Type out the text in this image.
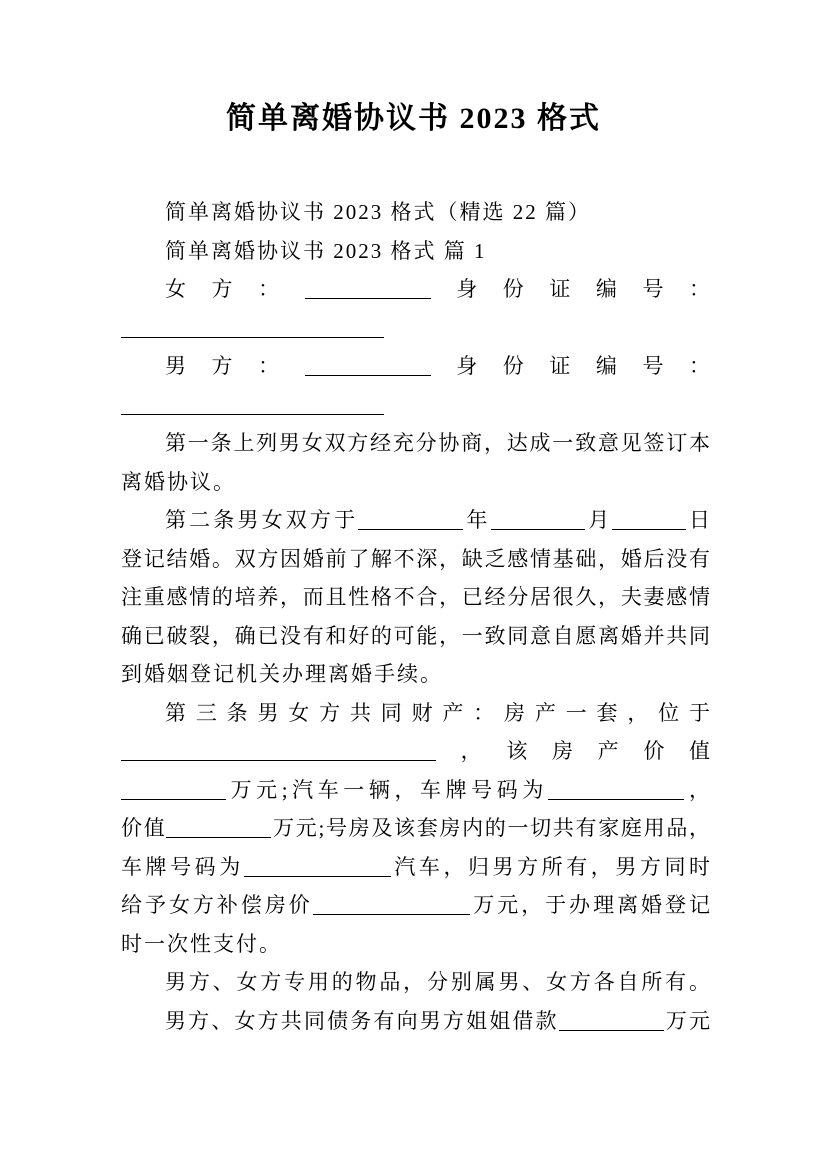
简单离婚协议书 2023 格式
简单离婚协议书 2023 格式（精选 22 篇）
简单离婚协议书 2023 格式 篇 1
女方：	身份证编号：
男方：	身份证编号：
第一条上列男女双方经充分协商，达成一致意见签订本
离婚协议。
第二条男女双方于	年	月	日
登记结婚。双方因婚前了解不深，缺乏感情基础，婚后没有
注重感情的培养，而且性格不合，已经分居很久，夫妻感情
确已破裂，确已没有和好的可能，一致同意自愿离婚并共同
到婚姻登记机关办理离婚手续。
第三条男女方共同财产：房产一套，位于
，该房产价值
万元;汽车一辆，车牌号码为	，
价值	万元;号房及该套房内的一切共有家庭用品，
车牌号码为	汽车，归男方所有，男方同时
给予女方补偿房价	万元，于办理离婚登记
时一次性支付。
男方、女方专用的物品，分别属男、女方各自所有。
男方、女方共同债务有向男方姐姐借款	万元
